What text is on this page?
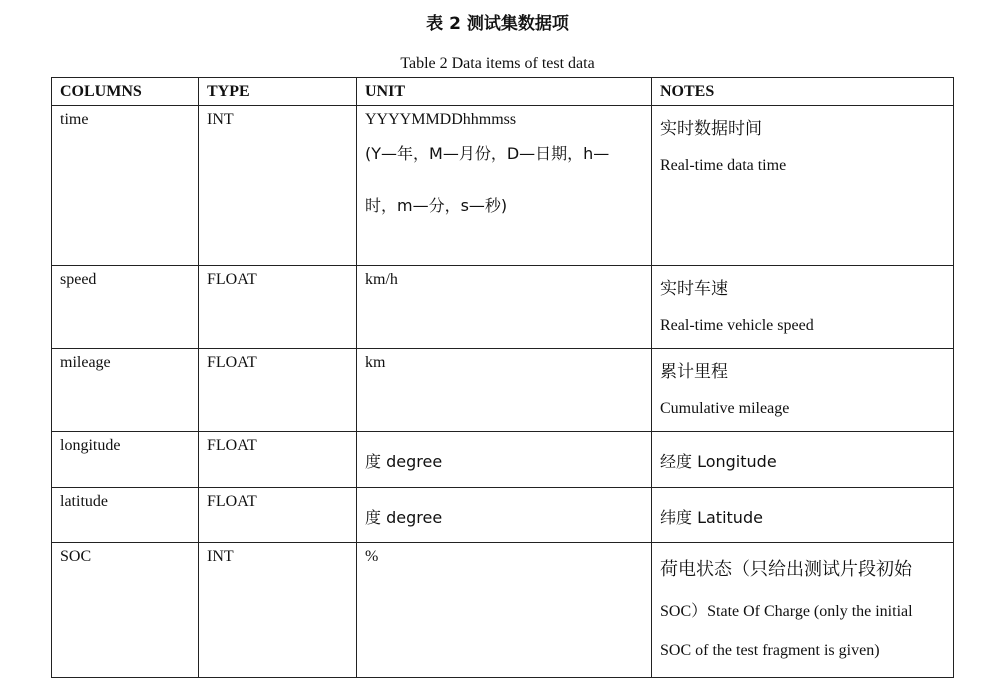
表 2 测试集数据项
Table 2 Data items of test data
COLUMNS	TYPE	UNIT	NOTES
time	INT	YYYYMMDDhhmmss
(Y—年，M—月份，D—日期，h—
时，m—分，s—秒)	实时数据时间
Real-time data time

speed	FLOAT	km/h	实时车速
Real-time vehicle speed

mileage	FLOAT	km	累计里程
Cumulative mileage

longitude	FLOAT	度 degree	经度 Longitude

latitude	FLOAT	度 degree	纬度 Latitude

SOC	INT	%	荷电状态（只给出测试片段初始
SOC）State Of Charge (only the initial
SOC of the test fragment is given)
